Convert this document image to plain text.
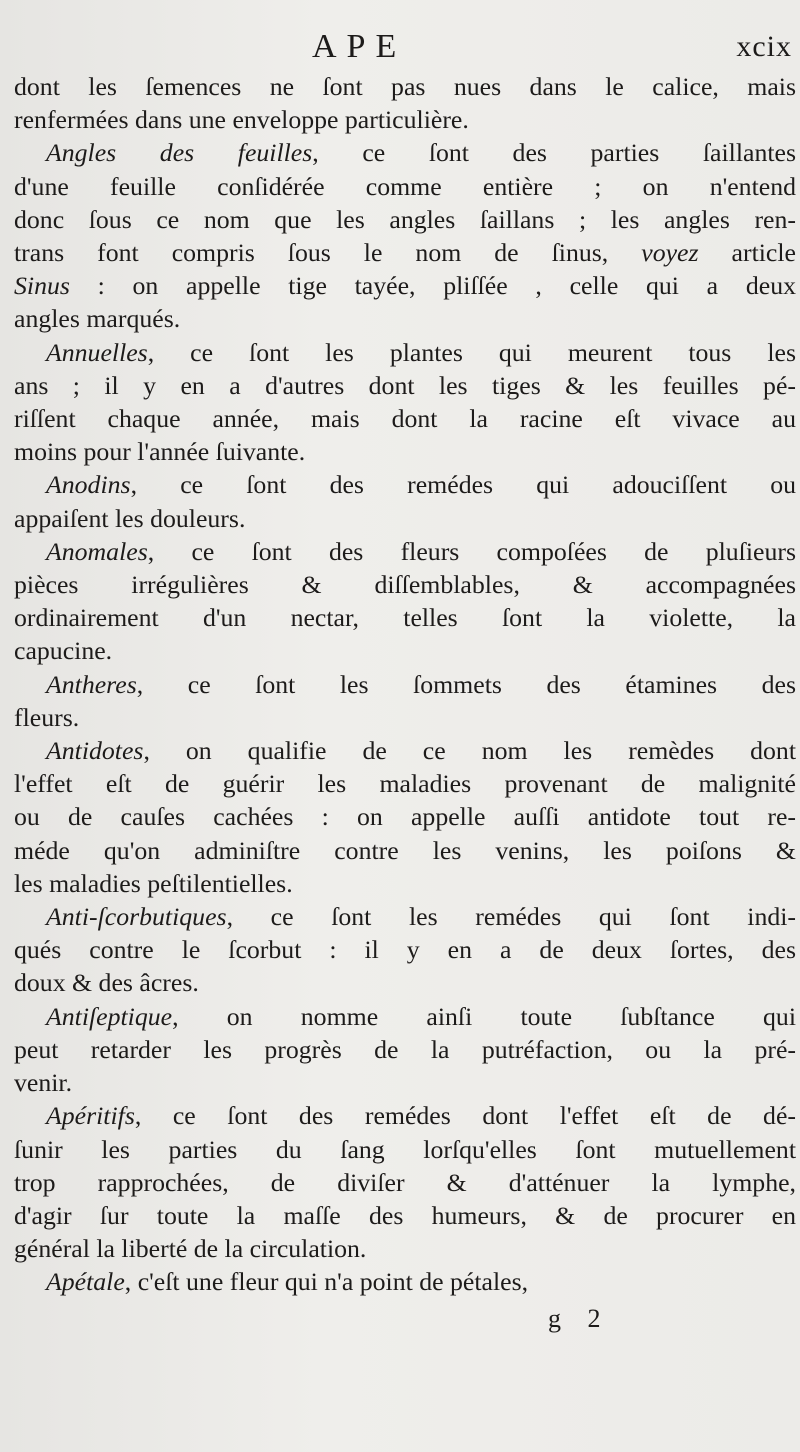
APE	xcix
dont les ſemences ne ſont pas nues dans le calice, mais
renfermées dans une enveloppe particulière.
Angles des feuilles, ce ſont des parties ſaillantes
d'une feuille conſidérée comme entière ; on n'entend
donc ſous ce nom que les angles ſaillans ; les angles ren-
trans font compris ſous le nom de ſinus, voyez article
Sinus : on appelle tige tayée, pliſſée , celle qui a deux
angles marqués.
Annuelles, ce ſont les plantes qui meurent tous les
ans ; il y en a d'autres dont les tiges & les feuilles pé-
riſſent chaque année, mais dont la racine eſt vivace au
moins pour l'année ſuivante.
Anodins, ce ſont des remédes qui adouciſſent ou
appaiſent les douleurs.
Anomales, ce ſont des fleurs compoſées de pluſieurs
pièces irrégulières & diſſemblables, & accompagnées
ordinairement d'un nectar, telles ſont la violette, la
capucine.
Antheres, ce ſont les ſommets des étamines des
fleurs.
Antidotes, on qualifie de ce nom les remèdes dont
l'effet eſt de guérir les maladies provenant de malignité
ou de cauſes cachées : on appelle auſſi antidote tout re-
méde qu'on adminiſtre contre les venins, les poiſons &
les maladies peſtilentielles.
Anti-ſcorbutiques, ce ſont les remédes qui ſont indi-
qués contre le ſcorbut : il y en a de deux ſortes, des
doux & des âcres.
Antiſeptique, on nomme ainſi toute ſubſtance qui
peut retarder les progrès de la putréfaction, ou la pré-
venir.
Apéritifs, ce ſont des remédes dont l'effet eſt de dé-
ſunir les parties du ſang lorſqu'elles ſont mutuellement
trop rapprochées, de diviſer & d'atténuer la lymphe,
d'agir ſur toute la maſſe des humeurs, & de procurer en
général la liberté de la circulation.
Apétale, c'eſt une fleur qui n'a point de pétales,
g 2
